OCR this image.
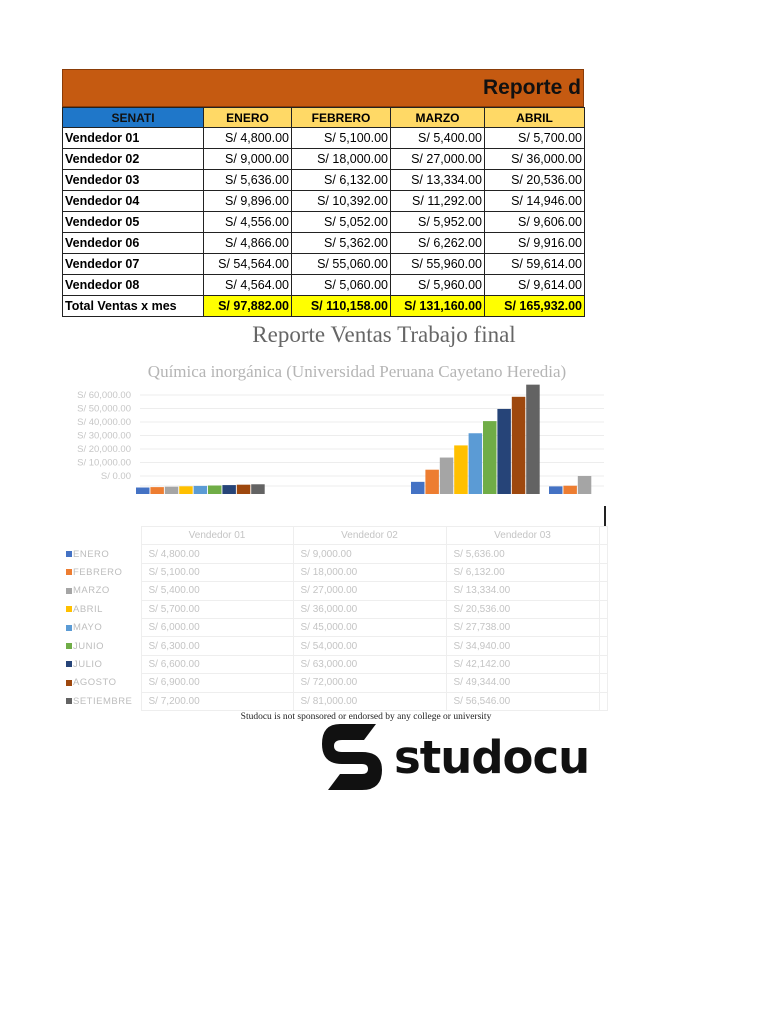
Reporte d
SENATI	ENERO	FEBRERO	MARZO	ABRIL
Vendedor 01	S/ 4,800.00	S/ 5,100.00	S/ 5,400.00	S/ 5,700.00
Vendedor 02	S/ 9,000.00	S/ 18,000.00	S/ 27,000.00	S/ 36,000.00
Vendedor 03	S/ 5,636.00	S/ 6,132.00	S/ 13,334.00	S/ 20,536.00
Vendedor 04	S/ 9,896.00	S/ 10,392.00	S/ 11,292.00	S/ 14,946.00
Vendedor 05	S/ 4,556.00	S/ 5,052.00	S/ 5,952.00	S/ 9,606.00
Vendedor 06	S/ 4,866.00	S/ 5,362.00	S/ 6,262.00	S/ 9,916.00
Vendedor 07	S/ 54,564.00	S/ 55,060.00	S/ 55,960.00	S/ 59,614.00
Vendedor 08	S/ 4,564.00	S/ 5,060.00	S/ 5,960.00	S/ 9,614.00
Total Ventas x mes	S/ 97,882.00	S/ 110,158.00	S/ 131,160.00	S/ 165,932.00
Reporte Ventas Trabajo final
Química inorgánica (Universidad Peruana Cayetano Heredia)
S/ 0.00
S/ 10,000.00
S/ 20,000.00
S/ 30,000.00
S/ 40,000.00
S/ 50,000.00
S/ 60,000.00
	Vendedor 01	Vendedor 02	Vendedor 03	
ENERO	S/ 4,800.00	S/ 9,000.00	S/ 5,636.00	
FEBRERO	S/ 5,100.00	S/ 18,000.00	S/ 6,132.00	
MARZO	S/ 5,400.00	S/ 27,000.00	S/ 13,334.00	
ABRIL	S/ 5,700.00	S/ 36,000.00	S/ 20,536.00	
MAYO	S/ 6,000.00	S/ 45,000.00	S/ 27,738.00	
JUNIO	S/ 6,300.00	S/ 54,000.00	S/ 34,940.00	
JULIO	S/ 6,600.00	S/ 63,000.00	S/ 42,142.00	
AGOSTO	S/ 6,900.00	S/ 72,000.00	S/ 49,344.00	
SETIEMBRE	S/ 7,200.00	S/ 81,000.00	S/ 56,546.00	
Studocu is not sponsored or endorsed by any college or university
studocu
